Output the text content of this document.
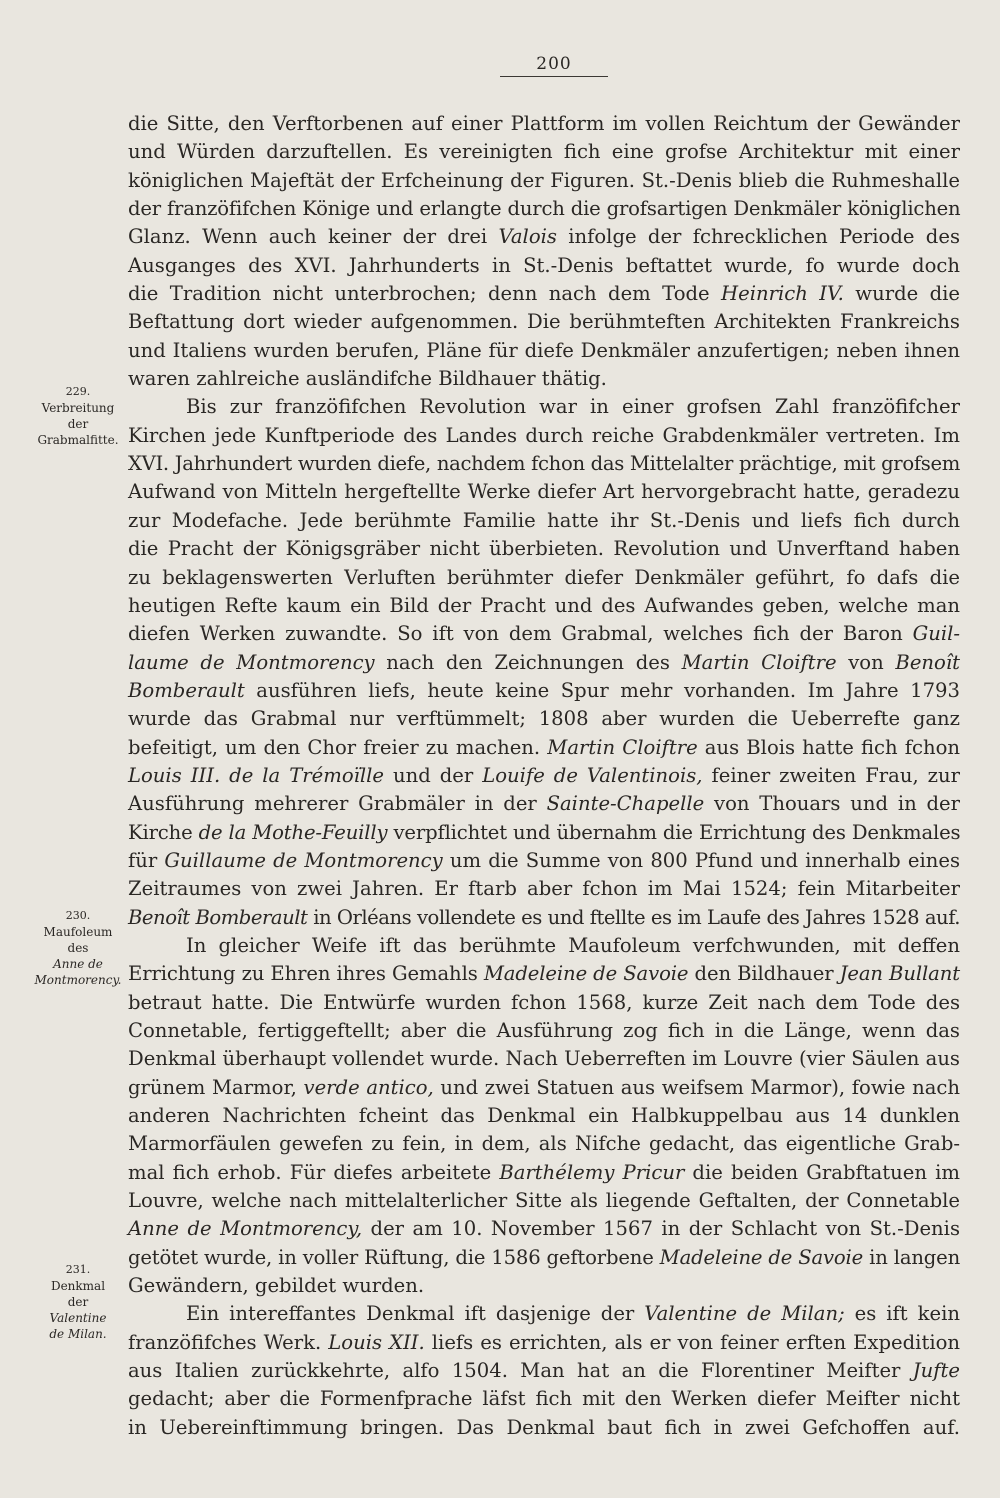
200
229.
Verbreitung
der
Grabmalfitte.
230.
Maufoleum
des
Anne de
Montmorency.
231.
Denkmal
der
Valentine
de Milan.
die Sitte, den Verftorbenen auf einer Plattform im vollen Reichtum der Gewänder
und Würden darzuftellen. Es vereinigten fich eine grofse Architektur mit einer
königlichen Majeftät der Erfcheinung der Figuren. St.-Denis blieb die Ruhmeshalle
der franzöfifchen Könige und erlangte durch die grofsartigen Denkmäler königlichen
Glanz. Wenn auch keiner der drei Valois infolge der fchrecklichen Periode des
Ausganges des XVI. Jahrhunderts in St.-Denis beftattet wurde, fo wurde doch
die Tradition nicht unterbrochen; denn nach dem Tode Heinrich IV. wurde die
Beftattung dort wieder aufgenommen. Die berühmteften Architekten Frankreichs
und Italiens wurden berufen, Pläne für diefe Denkmäler anzufertigen; neben ihnen
waren zahlreiche ausländifche Bildhauer thätig.
Bis zur franzöfifchen Revolution war in einer grofsen Zahl franzöfifcher
Kirchen jede Kunftperiode des Landes durch reiche Grabdenkmäler vertreten. Im
XVI. Jahrhundert wurden diefe, nachdem fchon das Mittelalter prächtige, mit grofsem
Aufwand von Mitteln hergeftellte Werke diefer Art hervorgebracht hatte, geradezu
zur Modefache. Jede berühmte Familie hatte ihr St.-Denis und liefs fich durch
die Pracht der Königsgräber nicht überbieten. Revolution und Unverftand haben
zu beklagenswerten Verluften berühmter diefer Denkmäler geführt, fo dafs die
heutigen Refte kaum ein Bild der Pracht und des Aufwandes geben, welche man
diefen Werken zuwandte. So ift von dem Grabmal, welches fich der Baron Guil-
laume de Montmorency nach den Zeichnungen des Martin Cloiftre von Benoît
Bomberault ausführen liefs, heute keine Spur mehr vorhanden. Im Jahre 1793
wurde das Grabmal nur verftümmelt; 1808 aber wurden die Ueberrefte ganz
befeitigt, um den Chor freier zu machen. Martin Cloiftre aus Blois hatte fich fchon
Louis III. de la Trémoïlle und der Louife de Valentinois, feiner zweiten Frau, zur
Ausführung mehrerer Grabmäler in der Sainte-Chapelle von Thouars und in der
Kirche de la Mothe-Feuilly verpflichtet und übernahm die Errichtung des Denkmales
für Guillaume de Montmorency um die Summe von 800 Pfund und innerhalb eines
Zeitraumes von zwei Jahren. Er ftarb aber fchon im Mai 1524; fein Mitarbeiter
Benoît Bomberault in Orléans vollendete es und ftellte es im Laufe des Jahres 1528 auf.
In gleicher Weife ift das berühmte Maufoleum verfchwunden, mit deffen
Errichtung zu Ehren ihres Gemahls Madeleine de Savoie den Bildhauer Jean Bullant
betraut hatte. Die Entwürfe wurden fchon 1568, kurze Zeit nach dem Tode des
Connetable, fertiggeftellt; aber die Ausführung zog fich in die Länge, wenn das
Denkmal überhaupt vollendet wurde. Nach Ueberreften im Louvre (vier Säulen aus
grünem Marmor, verde antico, und zwei Statuen aus weifsem Marmor), fowie nach
anderen Nachrichten fcheint das Denkmal ein Halbkuppelbau aus 14 dunklen
Marmorfäulen gewefen zu fein, in dem, als Nifche gedacht, das eigentliche Grab-
mal fich erhob. Für diefes arbeitete Barthélemy Pricur die beiden Grabftatuen im
Louvre, welche nach mittelalterlicher Sitte als liegende Geftalten, der Connetable
Anne de Montmorency, der am 10. November 1567 in der Schlacht von St.-Denis
getötet wurde, in voller Rüftung, die 1586 geftorbene Madeleine de Savoie in langen
Gewändern, gebildet wurden.
Ein intereffantes Denkmal ift dasjenige der Valentine de Milan; es ift kein
franzöfifches Werk. Louis XII. liefs es errichten, als er von feiner erften Expedition
aus Italien zurückkehrte, alfo 1504. Man hat an die Florentiner Meifter Jufte
gedacht; aber die Formenfprache läfst fich mit den Werken diefer Meifter nicht
in Uebereinftimmung bringen. Das Denkmal baut fich in zwei Gefchoffen auf.
